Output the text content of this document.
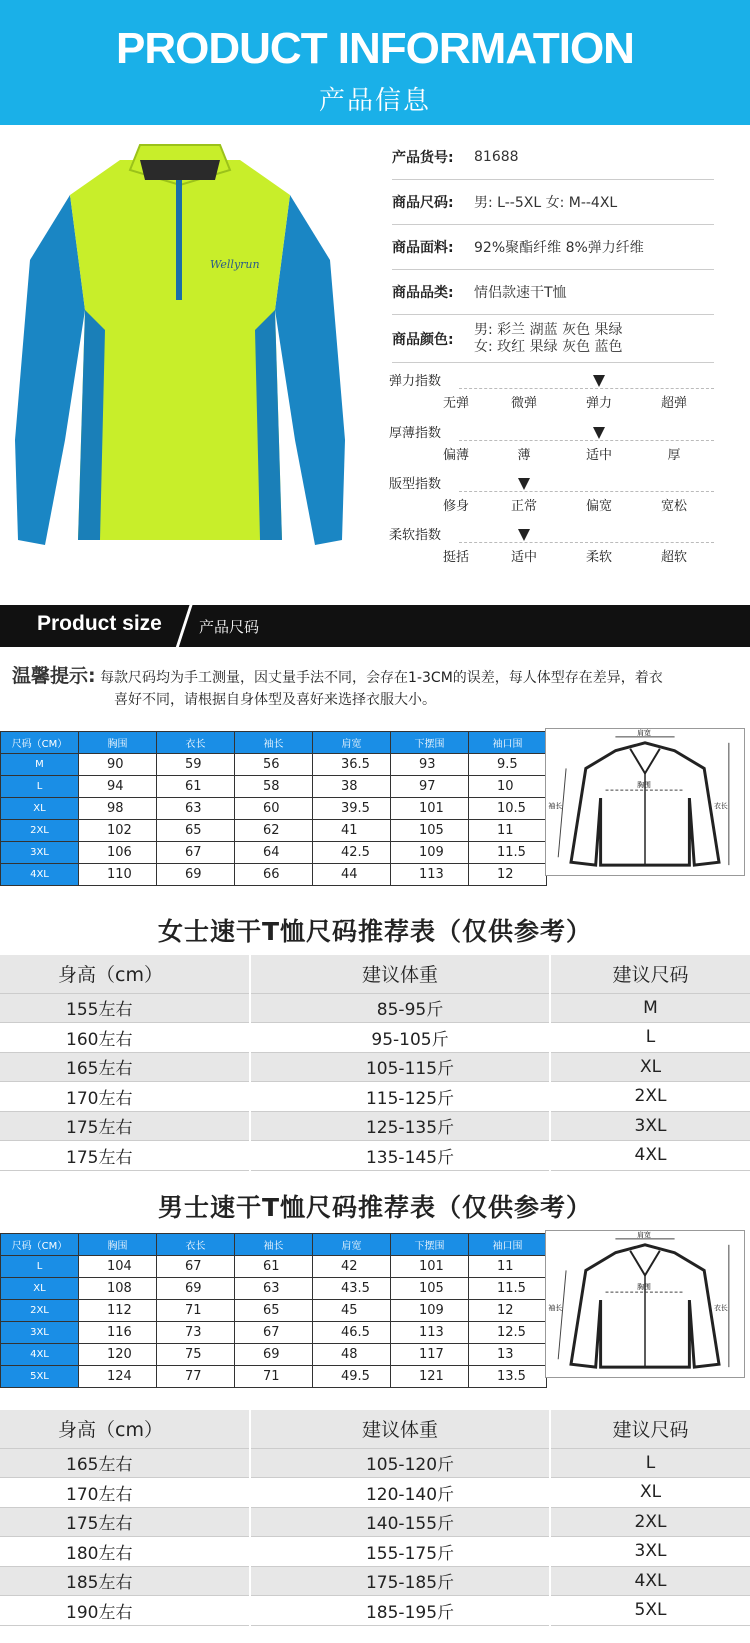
PRODUCT INFORMATION
产品信息
Wellyrun
产品货号:	81688
商品尺码:	男: L--5XL 女: M--4XL
商品面料:	92%聚酯纤维 8%弹力纤维
商品品类:	情侣款速干T恤
商品颜色:
男: 彩兰 湖蓝 灰色 果绿
女: 玫红 果绿 灰色 蓝色
弹力指数
无弹	微弹	弹力	超弹
厚薄指数
偏薄	薄	适中	厚
版型指数
修身	正常	偏宽	宽松
柔软指数
挺括	适中	柔软	超软
Product size 产品尺码
温馨提示: 每款尺码均为手工测量，因丈量手法不同，会存在1-3CM的误差，每人体型存在差异，着衣
喜好不同，请根据自身体型及喜好来选择衣服大小。
尺码（CM）	胸围	衣长	袖长	肩宽	下摆围	袖口围
M	90	59	56	36.5	93	9.5
L	94	61	58	38	97	10
XL	98	63	60	39.5	101	10.5
2XL	102	65	62	41	105	11
3XL	106	67	64	42.5	109	11.5
4XL	110	69	66	44	113	12
肩宽
胸围
袖长	衣长
女士速干T恤尺码推荐表（仅供参考）
身高（cm）	建议体重	建议尺码
155左右	85-95斤	M
160左右	95-105斤	L
165左右	105-115斤	XL
170左右	115-125斤	2XL
175左右	125-135斤	3XL
175左右	135-145斤	4XL
男士速干T恤尺码推荐表（仅供参考）
尺码（CM）	胸围	衣长	袖长	肩宽	下摆围	袖口围
L	104	67	61	42	101	11
XL	108	69	63	43.5	105	11.5
2XL	112	71	65	45	109	12
3XL	116	73	67	46.5	113	12.5
4XL	120	75	69	48	117	13
5XL	124	77	71	49.5	121	13.5
肩宽
胸围
袖长	衣长
身高（cm）	建议体重	建议尺码
165左右	105-120斤	L
170左右	120-140斤	XL
175左右	140-155斤	2XL
180左右	155-175斤	3XL
185左右	175-185斤	4XL
190左右	185-195斤	5XL
